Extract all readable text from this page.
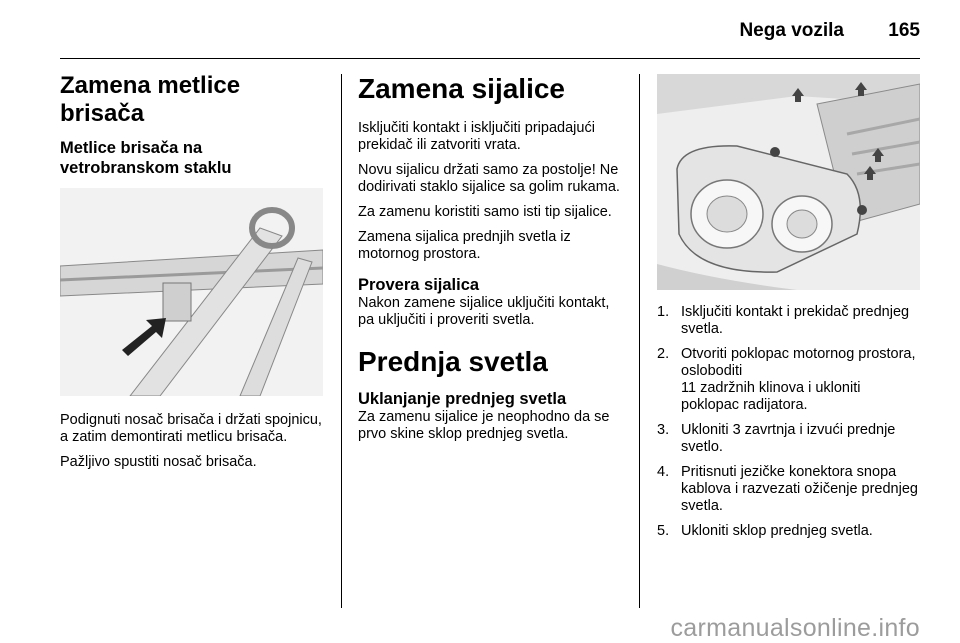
Nega vozila 165
Zamena metlice brisača
Metlice brisača na
vetrobranskom staklu

Podignuti nosač brisača i držati spojnicu, a zatim demontirati metlicu brisača.

Pažljivo spustiti nosač brisača.

Zamena sijalice

Isključiti kontakt i isključiti pripadajući prekidač ili zatvoriti vrata.

Novu sijalicu držati samo za postolje! Ne dodirivati staklo sijalice sa golim rukama.

Za zamenu koristiti samo isti tip sijalice.

Zamena sijalica prednjih svetla iz motornog prostora.

Provera sijalica

Nakon zamene sijalice uključiti kontakt, pa uključiti i proveriti svetla.

Prednja svetla
Uklanjanje prednjeg svetla

Za zamenu sijalice je neophodno da se prvo skine sklop prednjeg svetla.

1. Isključiti kontakt i prekidač prednjeg svetla.
2. Otvoriti poklopac motornog prostora, osloboditi
11 zadržnih klinova i ukloniti poklopac radijatora.
3. Ukloniti 3 zavrtnja i izvući prednje svetlo.
4. Pritisnuti jezičke konektora snopa kablova i razvezati ožičenje prednjeg svetla.
5. Ukloniti sklop prednjeg svetla.
carmanualsonline.info
